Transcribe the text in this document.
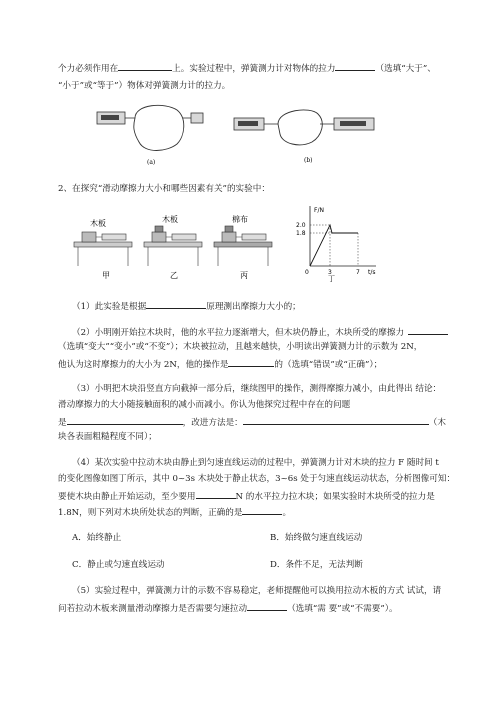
个力必须作用在	上。实验过程中，弹簧测力计对物体的拉力	（选填“大于”、
“小于”或“等于”）物体对弹簧测力计的拉力。
(a)	(b)
2、在探究“滑动摩擦力大小和哪些因素有关”的实验中：
木板
甲
木板
乙
棉布
丙
F/N
2.0
1.8
0	3	7 t/s
丁
（1）此实验是根据	原理测出摩擦力大小的；
（2）小明刚开始拉木块时，他的水平拉力逐渐增大，但木块仍静止，木块所受的摩擦力
（选填“变大”“变小”或“不变”）；木块被拉动，且越来越快，小明读出弹簧测力计的示数为 2N，
他认为这时摩擦力的大小为 2N，他的操作是	的（选填“错误”或“正确”）；
（3）小明把木块沿竖直方向截掉一部分后，继续图甲的操作，测得摩擦力减小，由此得出 结论：
滑动摩擦力的大小随接触面积的减小而减小。你认为他探究过程中存在的问题
是	，改进方法是：	（木
块各表面粗糙程度不同）；
（4）某次实验中拉动木块由静止到匀速直线运动的过程中，弹簧测力计对木块的拉力 F 随时间 t
的变化图像如图丁所示，其中 0~3s 木块处于静止状态，3~6s 处于匀速直线运动状态，分析图像可知：
要使木块由静止开始运动，至少要用	N 的水平拉力拉木块；如果实验时木块所受的拉力是
1.8N，则下列对木块所处状态的判断，正确的是	。
A．始终静止	B．始终做匀速直线运动
C．静止或匀速直线运动	D．条件不足，无法判断
（5）实验过程中，弹簧测力计的示数不容易稳定，老师提醒他可以换用拉动木板的方式 试试，请
问若拉动木板来测量滑动摩擦力是否需要匀速拉动	（选填“需 要”或“不需要”）。
